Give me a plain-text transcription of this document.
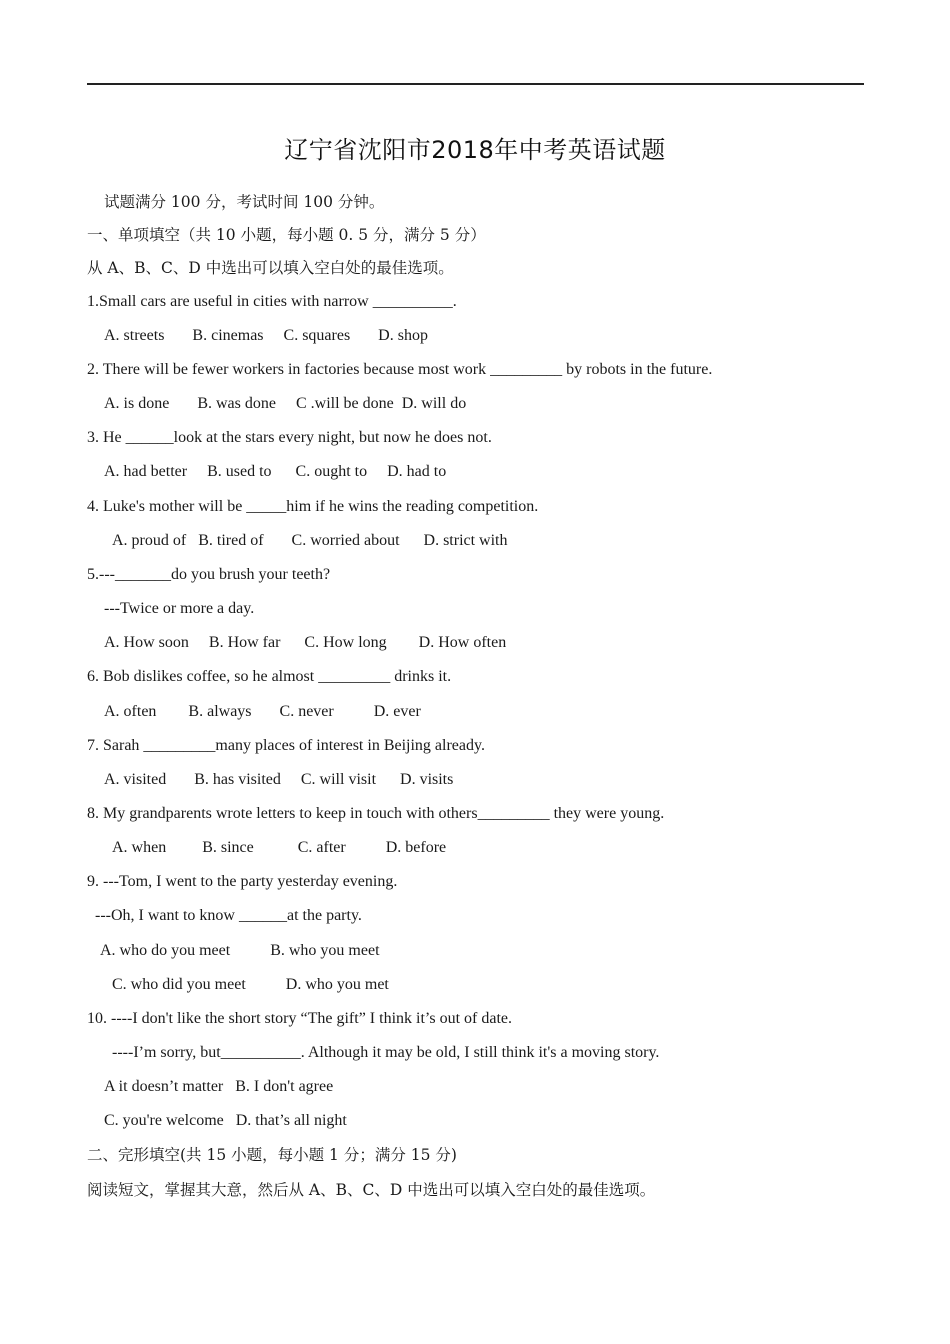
辽宁省沈阳市2018年中考英语试题
试题满分 100 分，考试时间 100 分钟。
一、单项填空（共 10 小题，每小题 0. 5 分，满分 5 分）
从 A、B、C、D 中选出可以填入空白处的最佳选项。
1.Small cars are useful in cities with narrow __________.
A. streets       B. cinemas     C. squares       D. shop
2. There will be fewer workers in factories because most work _________ by robots in the future.
A. is done       B. was done     C .will be done  D. will do
3. He ______look at the stars every night, but now he does not.
A. had better     B. used to      C. ought to     D. had to
4. Luke's mother will be _____him if he wins the reading competition.
A. proud of   B. tired of       C. worried about      D. strict with
5.---_______do you brush your teeth?
---Twice or more a day.
A. How soon     B. How far      C. How long        D. How often
6. Bob dislikes coffee, so he almost _________ drinks it.
A. often        B. always       C. never          D. ever
7. Sarah _________many places of interest in Beijing already.
A. visited       B. has visited     C. will visit      D. visits
8. My grandparents wrote letters to keep in touch with others_________ they were young.
A. when         B. since           C. after          D. before
9. ---Tom, I went to the party yesterday evening.
---Oh, I want to know ______at the party.
A. who do you meet          B. who you meet
C. who did you meet          D. who you met
10. ----I don't like the short story “The gift” I think it’s out of date.
----I’m sorry, but__________. Although it may be old, I still think it's a moving story.
A it doesn’t matter   B. I don't agree
C. you're welcome   D. that’s all night
二、完形填空(共 15 小题，每小题 1 分；满分 15 分)
阅读短文，掌握其大意，然后从 A、B、C、D 中选出可以填入空白处的最佳选项。
